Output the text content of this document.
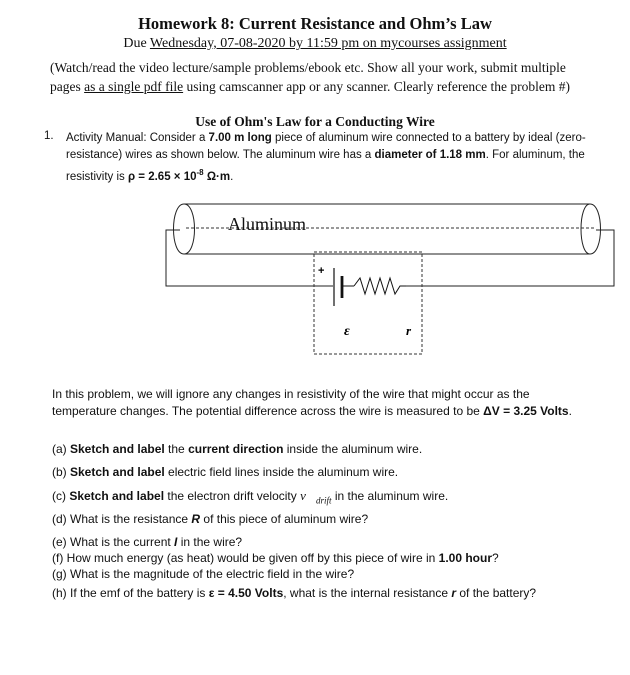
Homework 8: Current Resistance and Ohm’s Law
Due Wednesday, 07-08-2020 by 11:59 pm on mycourses assignment
(Watch/read the video lecture/sample problems/ebook etc. Show all your work, submit multiple
pages as a single pdf file using camscanner app or any scanner. Clearly reference the problem #)
Use of Ohm's Law for a Conducting Wire
1. Activity Manual: Consider a 7.00 m long piece of aluminum wire connected to a battery by ideal (zero-resistance) wires as shown below. The aluminum wire has a diameter of 1.18 mm. For aluminum, the resistivity is $\rho = 2.65 \times 10^{-8}$ Ω·m.
+
ε	r
Aluminum
In this problem, we will ignore any changes in resistivity of the wire that might occur as the temperature changes. The potential difference across the wire is measured to be ΔV = 3.25 Volts.
(a) Sketch and label the current direction inside the aluminum wire.
(b) Sketch and label electric field lines inside the aluminum wire.
(c) Sketch and label the electron drift velocity $v⃗_{drift}$ in the aluminum wire.
(d) What is the resistance R of this piece of aluminum wire?
(e) What is the current I in the wire?
(f) How much energy (as heat) would be given off by this piece of wire in 1.00 hour?
(g) What is the magnitude of the electric field in the wire?
(h) If the emf of the battery is ε = 4.50 Volts, what is the internal resistance r of the battery?
